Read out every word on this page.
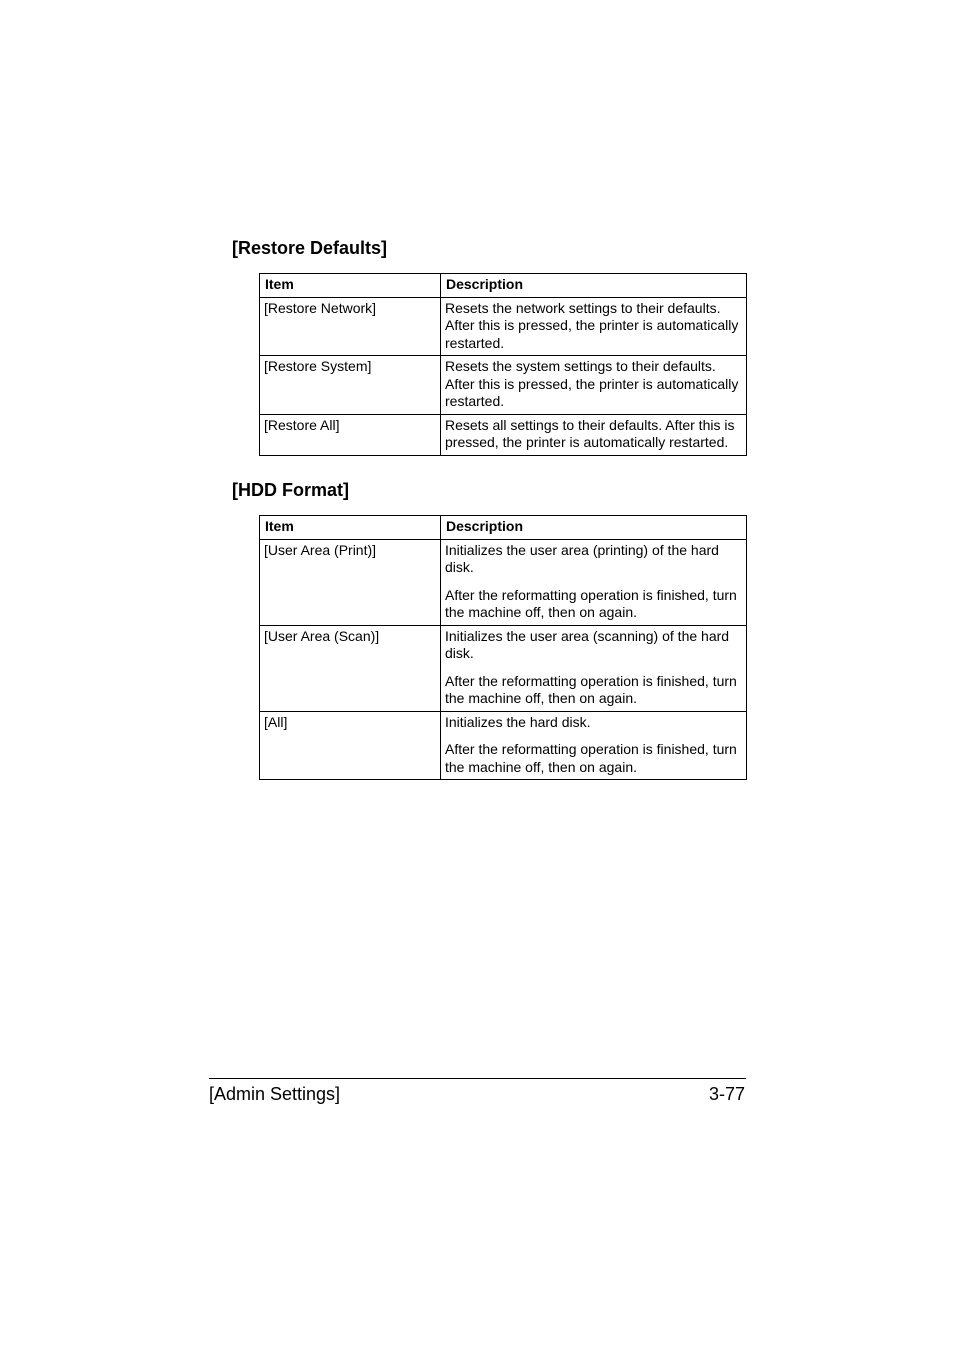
[Restore Defaults]
Item	Description
[Restore Network]	Resets the network settings to their defaults. After this is pressed, the printer is automatically restarted.

[Restore System]	Resets the system settings to their defaults. After this is pressed, the printer is automatically restarted.

[Restore All]	Resets all settings to their defaults. After this is pressed, the printer is automatically restarted.

[HDD Format]
Item	Description
[User Area (Print)]	Initializes the user area (printing) of the hard disk.

After the reformatting operation is finished, turn the machine off, then on again.

[User Area (Scan)]	Initializes the user area (scanning) of the hard disk.

After the reformatting operation is finished, turn the machine off, then on again.

[All]	Initializes the hard disk.

After the reformatting operation is finished, turn the machine off, then on again.

[Admin Settings]	3-77
